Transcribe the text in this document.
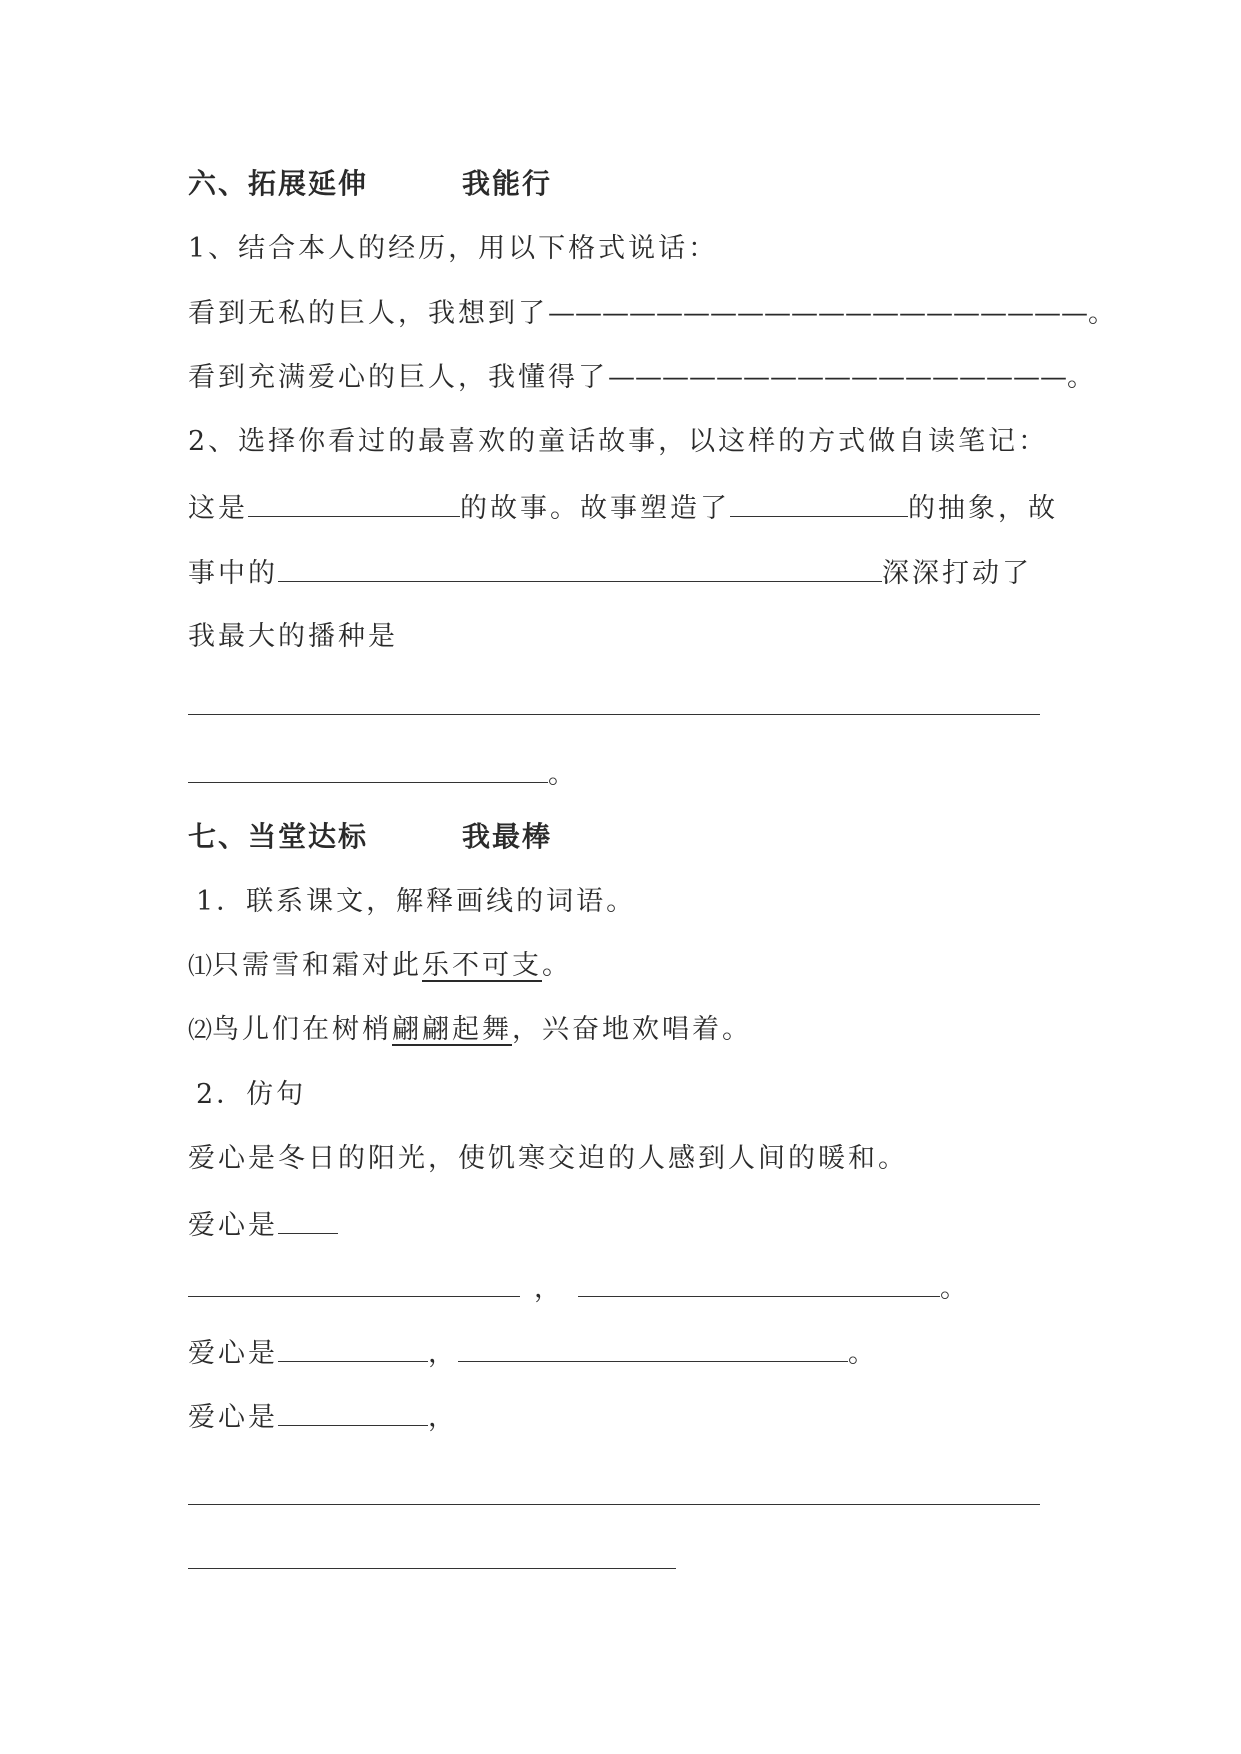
六、拓展延伸	我能行
1、结合本人的经历，用以下格式说话：
看到无私的巨人，我想到了————————————————————。
看到充满爱心的巨人，我懂得了—————————————————。
2、选择你看过的最喜欢的童话故事，以这样的方式做自读笔记：
这是	的故事。故事塑造了	的抽象，故
事中的	深深打动了
我最大的播种是
。
七、当堂达标	我最棒
1．联系课文，解释画线的词语。
⑴只需雪和霜对此乐不可支。
⑵鸟儿们在树梢翩翩起舞，兴奋地欢唱着。
2．仿句
爱心是冬日的阳光，使饥寒交迫的人感到人间的暖和。
爱心是
，	。
爱心是	，	。
爱心是	，
